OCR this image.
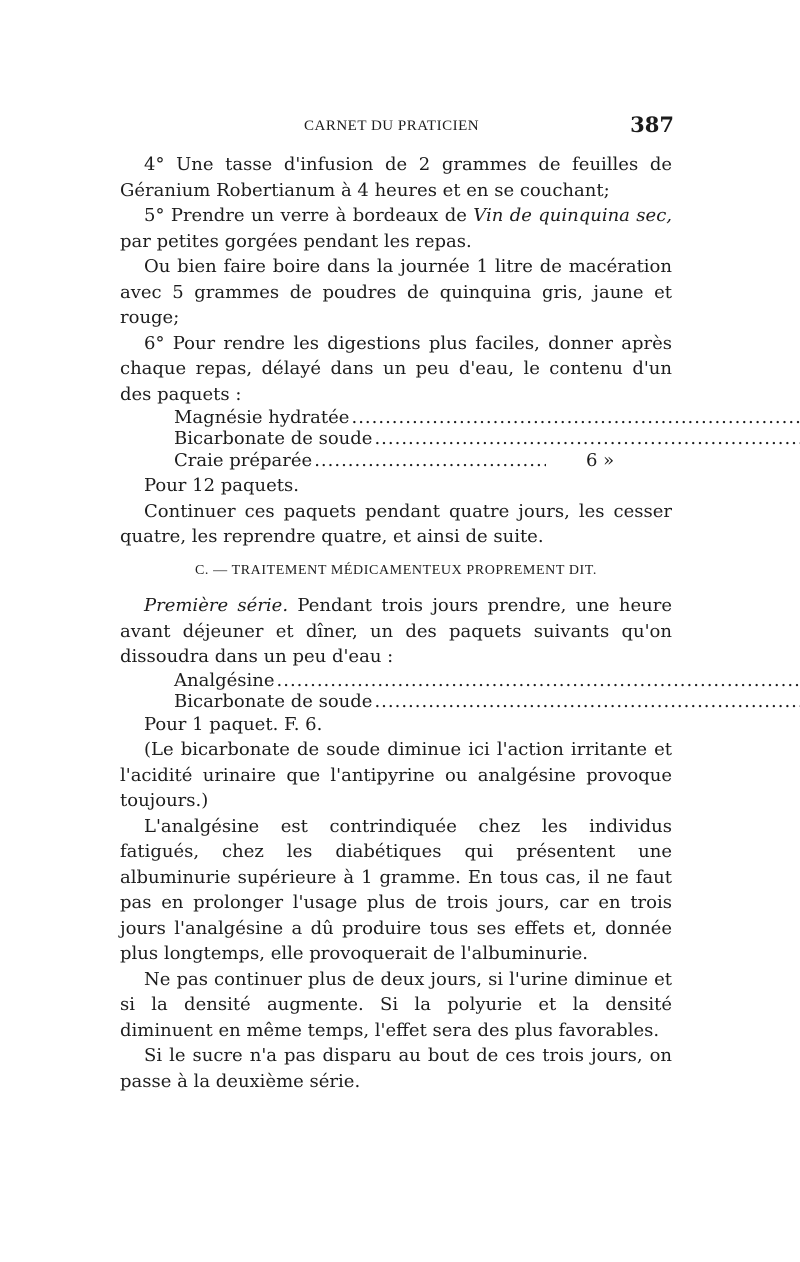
CARNET DU PRATICIEN	387

4° Une tasse d'infusion de 2 grammes de feuilles de Géranium Robertianum à 4 heures et en se couchant;

5° Prendre un verre à bordeaux de Vin de quinquina sec, par petites gorgées pendant les repas.

Ou bien faire boire dans la journée 1 litre de macération avec 5 grammes de poudres de quinquina gris, jaune et rouge;

6° Pour rendre les digestions plus faciles, donner après chaque repas, délayé dans un peu d'eau, le contenu d'un des paquets :

Magnésie hydratée
.....
Bicarbonate de soude
.....
Craie préparée
.....	6 »

Pour 12 paquets.

Continuer ces paquets pendant quatre jours, les cesser quatre, les reprendre quatre, et ainsi de suite.

C. — TRAITEMENT MÉDICAMENTEUX PROPREMENT DIT.

Première série. Pendant trois jours prendre, une heure avant déjeuner et dîner, un des paquets suivants qu'on dissoudra dans un peu d'eau :

Analgésine
.....
Bicarbonate de soude
.....

Pour 1 paquet. F. 6.

(Le bicarbonate de soude diminue ici l'action irritante et l'acidité urinaire que l'antipyrine ou analgésine provoque toujours.)

L'analgésine est contrindiquée chez les individus fatigués, chez les diabétiques qui présentent une albuminurie supérieure à 1 gramme. En tous cas, il ne faut pas en prolonger l'usage plus de trois jours, car en trois jours l'analgésine a dû produire tous ses effets et, donnée plus longtemps, elle provoquerait de l'albuminurie.

Ne pas continuer plus de deux jours, si l'urine diminue et si la densité augmente. Si la polyurie et la densité diminuent en même temps, l'effet sera des plus favorables.

Si le sucre n'a pas disparu au bout de ces trois jours, on passe à la deuxième série.
